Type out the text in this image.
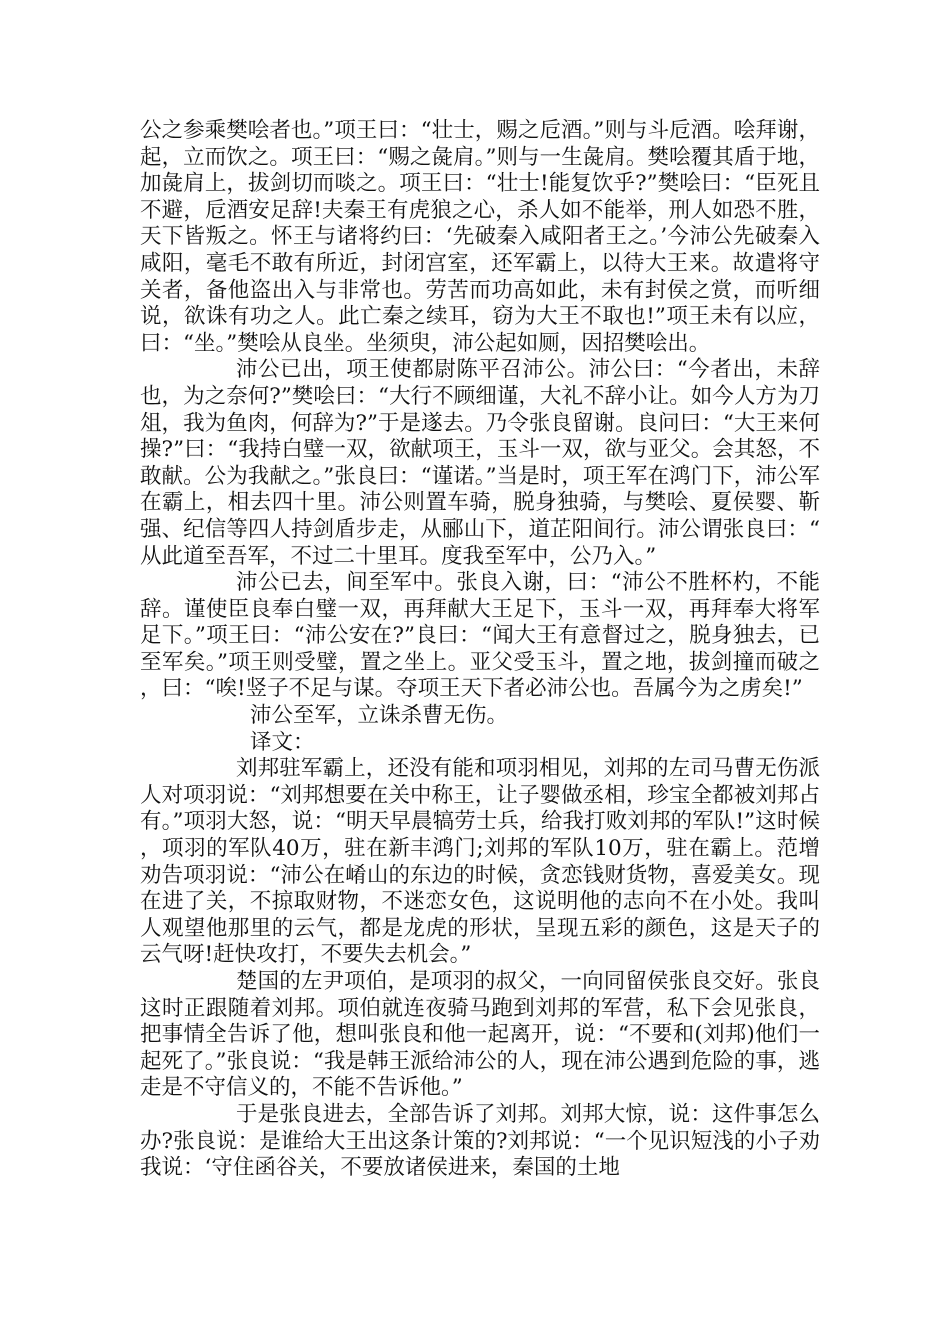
公之参乘樊哙者也。”项王曰：“壮士，赐之卮酒。”则与斗卮酒。哙拜谢，起，立而饮之。项王曰：“赐之彘肩。”则与一生彘肩。樊哙覆其盾于地，加彘肩上，拔剑切而啖之。项王曰：“壮士!能复饮乎?”樊哙曰：“臣死且不避，卮酒安足辞!夫秦王有虎狼之心，杀人如不能举，刑人如恐不胜，天下皆叛之。怀王与诸将约曰：‘先破秦入咸阳者王之。’今沛公先破秦入咸阳，毫毛不敢有所近，封闭宫室，还军霸上，以待大王来。故遣将守关者，备他盗出入与非常也。劳苦而功高如此，未有封侯之赏，而听细说，欲诛有功之人。此亡秦之续耳，窃为大王不取也!”项王未有以应，曰：“坐。”樊哙从良坐。坐须臾，沛公起如厕，因招樊哙出。

沛公已出，项王使都尉陈平召沛公。沛公曰：“今者出，未辞也，为之奈何?”樊哙曰：“大行不顾细谨，大礼不辞小让。如今人方为刀俎，我为鱼肉，何辞为?”于是遂去。乃令张良留谢。良问曰：“大王来何操?”曰：“我持白璧一双，欲献项王，玉斗一双，欲与亚父。会其怒，不敢献。公为我献之。”张良曰：“谨诺。”当是时，项王军在鸿门下，沛公军在霸上，相去四十里。沛公则置车骑，脱身独骑，与樊哙、夏侯婴、靳强、纪信等四人持剑盾步走，从郦山下，道芷阳间行。沛公谓张良曰：“从此道至吾军，不过二十里耳。度我至军中，公乃入。”

沛公已去，间至军中。张良入谢，曰：“沛公不胜杯杓，不能辞。谨使臣良奉白璧一双，再拜献大王足下，玉斗一双，再拜奉大将军足下。”项王曰：“沛公安在?”良曰：“闻大王有意督过之，脱身独去，已至军矣。”项王则受璧，置之坐上。亚父受玉斗，置之地，拔剑撞而破之，曰：“唉!竖子不足与谋。夺项王天下者必沛公也。吾属今为之虏矣!”

沛公至军，立诛杀曹无伤。

译文：

刘邦驻军霸上，还没有能和项羽相见，刘邦的左司马曹无伤派人对项羽说：“刘邦想要在关中称王，让子婴做丞相，珍宝全都被刘邦占有。”项羽大怒，说：“明天早晨犒劳士兵，给我打败刘邦的军队!”这时候，项羽的军队40万，驻在新丰鸿门;刘邦的军队10万，驻在霸上。范增劝告项羽说：“沛公在崤山的东边的时候，贪恋钱财货物，喜爱美女。现在进了关，不掠取财物，不迷恋女色，这说明他的志向不在小处。我叫人观望他那里的云气，都是龙虎的形状，呈现五彩的颜色，这是天子的云气呀!赶快攻打，不要失去机会。”

楚国的左尹项伯，是项羽的叔父，一向同留侯张良交好。张良这时正跟随着刘邦。项伯就连夜骑马跑到刘邦的军营，私下会见张良，把事情全告诉了他，想叫张良和他一起离开，说：“不要和(刘邦)他们一起死了。”张良说：“我是韩王派给沛公的人，现在沛公遇到危险的事，逃走是不守信义的，不能不告诉他。”

于是张良进去，全部告诉了刘邦。刘邦大惊，说：这件事怎么办?张良说：是谁给大王出这条计策的?刘邦说：“一个见识短浅的小子劝我说：‘守住函谷关，不要放诸侯进来，秦国的土地
